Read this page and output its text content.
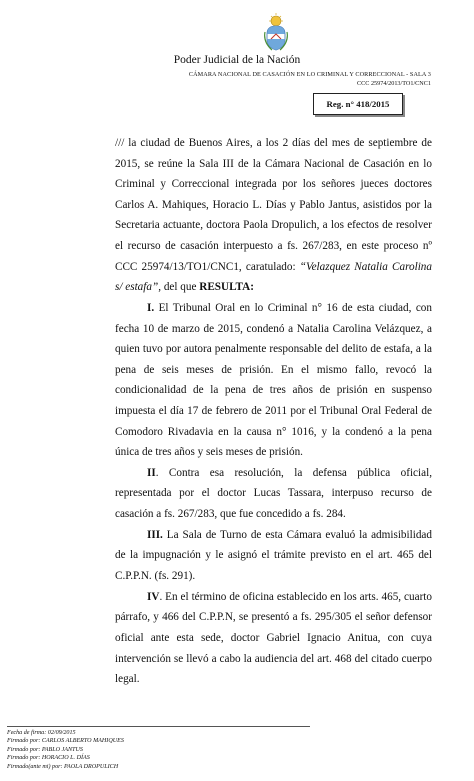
Poder Judicial de la Nación
CÁMARA NACIONAL DE CASACIÓN EN LO CRIMINAL Y CORRECCIONAL - SALA 3
CCC 25974/2013/TO1/CNC1
Reg. n° 418/2015

/// la ciudad de Buenos Aires, a los 2 días del mes de septiembre de 2015, se reúne la Sala III de la Cámara Nacional de Casación en lo Criminal y Correccional integrada por los señores jueces doctores Carlos A. Mahiques, Horacio L. Días y Pablo Jantus, asistidos por la Secretaria actuante, doctora Paola Dropulich, a los efectos de resolver el recurso de casación interpuesto a fs. 267/283, en este proceso nº CCC 25974/13/TO1/CNC1, caratulado: “Velazquez Natalia Carolina s/ estafa”, del que RESULTA:

I. El Tribunal Oral en lo Criminal n° 16 de esta ciudad, con fecha 10 de marzo de 2015, condenó a Natalia Carolina Velázquez, a quien tuvo por autora penalmente responsable del delito de estafa, a la pena de seis meses de prisión. En el mismo fallo, revocó la condicionalidad de la pena de tres años de prisión en suspenso impuesta el día 17 de febrero de 2011 por el Tribunal Oral Federal de Comodoro Rivadavia en la causa n° 1016, y la condenó a la pena única de tres años y seis meses de prisión.

II. Contra esa resolución, la defensa pública oficial, representada por el doctor Lucas Tassara, interpuso recurso de casación a fs. 267/283, que fue concedido a fs. 284.

III. La Sala de Turno de esta Cámara evaluó la admisibilidad de la impugnación y le asignó el trámite previsto en el art. 465 del C.P.P.N. (fs. 291).

IV. En el término de oficina establecido en los arts. 465, cuarto párrafo, y 466 del C.P.P.N, se presentó a fs. 295/305 el señor defensor oficial ante esta sede, doctor Gabriel Ignacio Anitua, con cuya intervención se llevó a cabo la audiencia del art. 468 del citado cuerpo legal.

Fecha de firma: 02/09/2015
Firmado por: CARLOS ALBERTO MAHIQUES
Firmado por: PABLO JANTUS
Firmado por: HORACIO L. DÍAS
Firmado(ante mi) por: PAOLA DROPULICH
